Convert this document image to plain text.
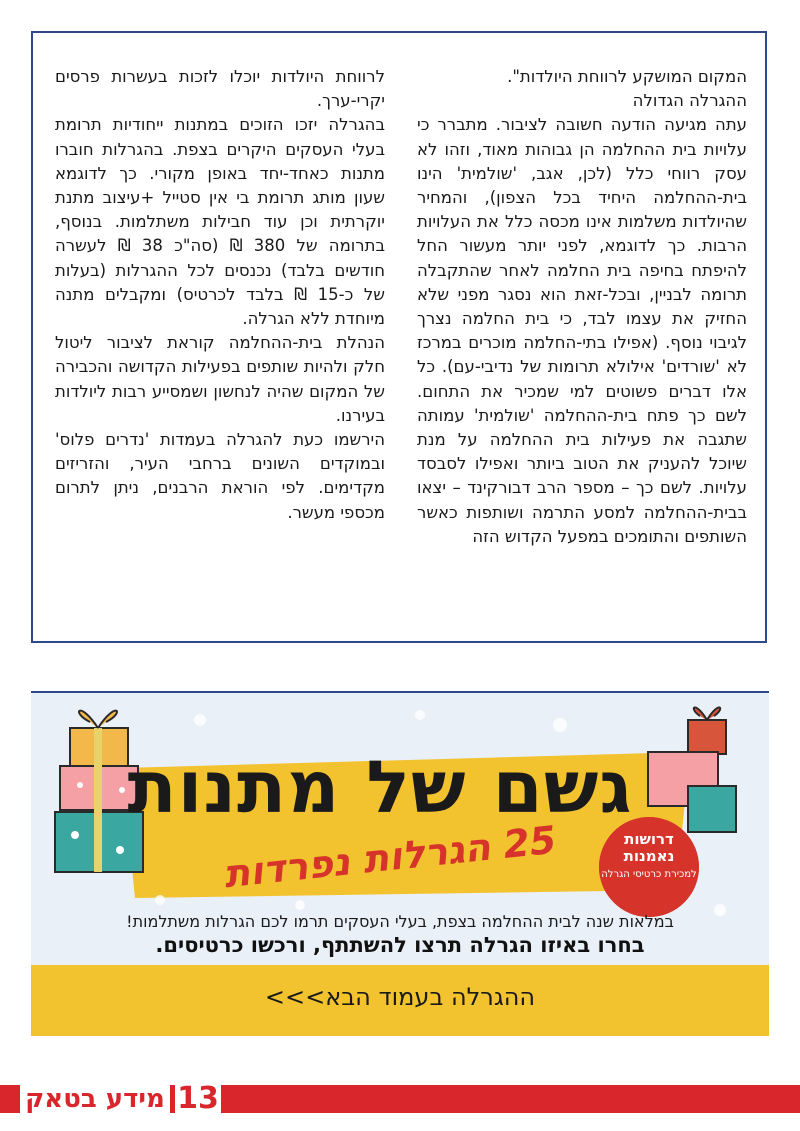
המקום המושקע לרווחת היולדות".

ההגרלה הגדולה

עתה מגיעה הודעה חשובה לציבור. מתברר כי עלויות בית ההחלמה הן גבוהות מאוד, וזהו לא עסק רווחי כלל (לכן, אגב, 'שולמית' הינו בית-ההחלמה היחיד בכל הצפון), והמחיר שהיולדות משלמות אינו מכסה כלל את העלויות הרבות. כך לדוגמא, לפני יותר מעשור החל להיפתח בחיפה בית החלמה לאחר שהתקבלה תרומה לבניין, ובכל-זאת הוא נסגר מפני שלא החזיק את עצמו לבד, כי בית החלמה נצרך לגיבוי נוסף. (אפילו בתי-החלמה מוכרים במרכז לא 'שורדים' אילולא תרומות של נדיבי-עם). כל אלו דברים פשוטים למי שמכיר את התחום. לשם כך פתח בית-ההחלמה 'שולמית' עמותה שתגבה את פעילות בית ההחלמה על מנת שיוכל להעניק את הטוב ביותר ואפילו לסבסד עלויות. לשם כך – מספר הרב דבורקינד – יצאו בבית-ההחלמה למסע התרמה ושותפות כאשר השותפים והתומכים במפעל הקדוש הזה

לרווחת היולדות יוכלו לזכות בעשרות פרסים יקרי-ערך.

בהגרלה יזכו הזוכים במתנות ייחודיות תרומת בעלי העסקים היקרים בצפת. בהגרלות חוברו מתנות כאחד-יחד באופן מקורי. כך לדוגמא שעון מותג תרומת בי אין סטייל +עיצוב מתנת יוקרתית וכן עוד חבילות משתלמות. בנוסף, בתרומה של 380 ₪ (סה"כ 38 ₪ לעשרה חודשים בלבד) נכנסים לכל ההגרלות (בעלות של כ-15 ₪ בלבד לכרטיס) ומקבלים מתנה מיוחדת ללא הגרלה.

הנהלת בית-ההחלמה קוראת לציבור ליטול חלק ולהיות שותפים בפעילות הקדושה והכבירה של המקום שהיה לנחשון ושמסייע רבות ליולדות בעירנו.

הירשמו כעת להגרלה בעמדות 'נדרים פלוס' ובמוקדים השונים ברחבי העיר, והזריזים מקדימים. לפי הוראת הרבנים, ניתן לתרום מכספי מעשר.

גשם של מתנות
25 הגרלות נפרדות	דרושות נאמנות
למכירת כרטיסי הגרלה
במלאות שנה לבית ההחלמה בצפת, בעלי העסקים תרמו לכם הגרלות משתלמות!
בחרו באיזו הגרלה תרצו להשתתף, ורכשו כרטיסים.
ההגרלה בעמוד הבא>>>
מידע בטאק 13
